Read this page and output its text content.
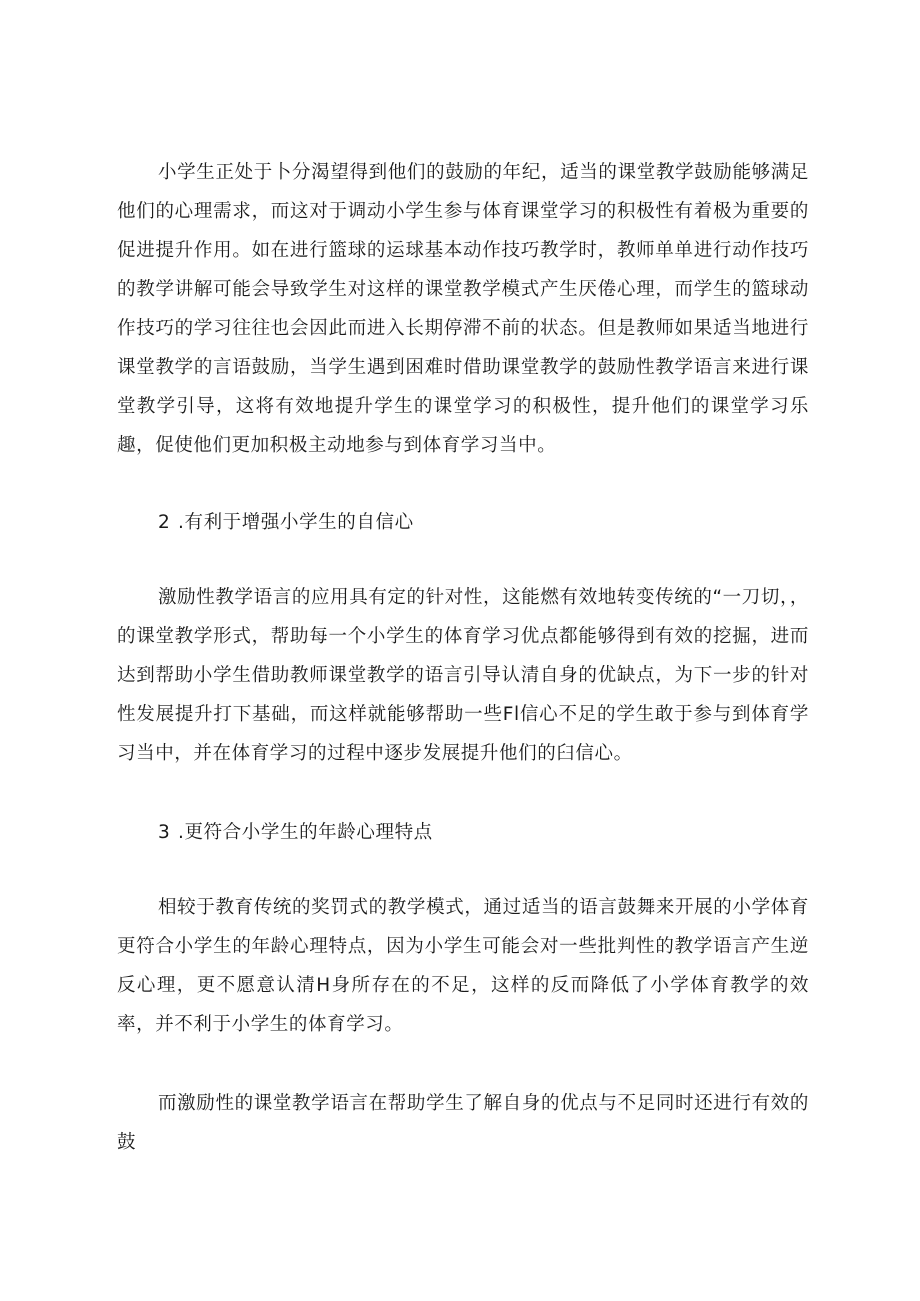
小学生正处于卜分渴望得到他们的鼓励的年纪，适当的课堂教学鼓励能够满足他们的心理需求，而这对于调动小学生参与体育课堂学习的积极性有着极为重要的促进提升作用。如在进行篮球的运球基本动作技巧教学时，教师单单进行动作技巧的教学讲解可能会导致学生对这样的课堂教学模式产生厌倦心理，而学生的篮球动作技巧的学习往往也会因此而进入长期停滞不前的状态。但是教师如果适当地进行课堂教学的言语鼓励，当学生遇到困难时借助课堂教学的鼓励性教学语言来进行课堂教学引导，这将有效地提升学生的课堂学习的积极性，提升他们的课堂学习乐趣，促使他们更加积极主动地参与到体育学习当中。

2 .有利于增强小学生的自信心

激励性教学语言的应用具有定的针对性，这能燃有效地转变传统的“一刀切，，的课堂教学形式，帮助每一个小学生的体育学习优点都能够得到有效的挖掘，进而达到帮助小学生借助教师课堂教学的语言引导认清自身的优缺点，为下一步的针对性发展提升打下基础，而这样就能够帮助一些Fl信心不足的学生敢于参与到体育学习当中，并在体育学习的过程中逐步发展提升他们的臼信心。

3 .更符合小学生的年龄心理特点

相较于教育传统的奖罚式的教学模式，通过适当的语言鼓舞来开展的小学体育更符合小学生的年龄心理特点，因为小学生可能会对一些批判性的教学语言产生逆反心理，更不愿意认清H身所存在的不足，这样的反而降低了小学体育教学的效率，并不利于小学生的体育学习。

而激励性的课堂教学语言在帮助学生了解自身的优点与不足同时还进行有效的鼓
